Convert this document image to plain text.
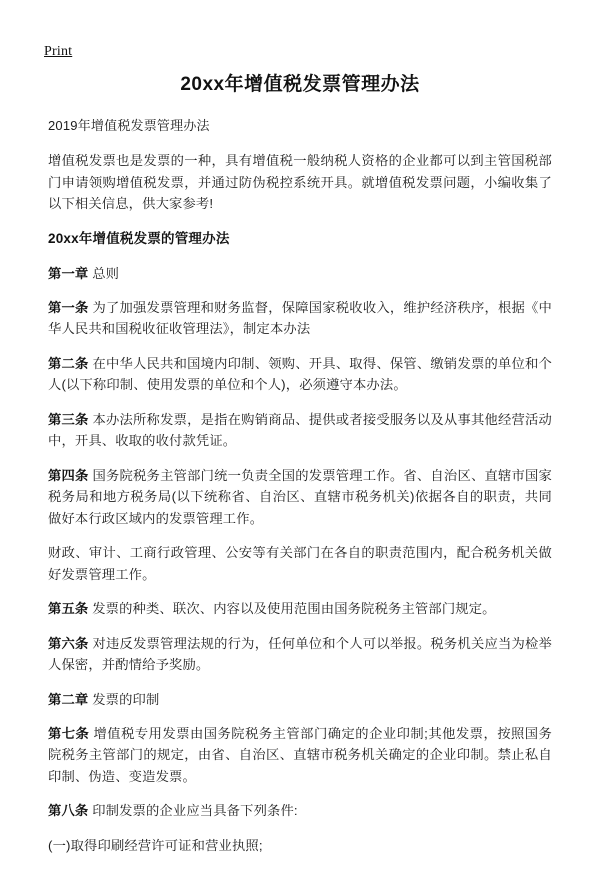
Print
20xx年增值税发票管理办法

2019年增值税发票管理办法

增值税发票也是发票的一种，具有增值税一般纳税人资格的企业都可以到主管国税部门申请领购增值税发票，并通过防伪税控系统开具。就增值税发票问题，小编收集了以下相关信息，供大家参考!

20xx年增值税发票的管理办法

第一章 总则

第一条 为了加强发票管理和财务监督，保障国家税收收入，维护经济秩序，根据《中华人民共和国税收征收管理法》，制定本办法

第二条 在中华人民共和国境内印制、领购、开具、取得、保管、缴销发票的单位和个人(以下称印制、使用发票的单位和个人)，必须遵守本办法。

第三条 本办法所称发票，是指在购销商品、提供或者接受服务以及从事其他经营活动中，开具、收取的收付款凭证。

第四条 国务院税务主管部门统一负责全国的发票管理工作。省、自治区、直辖市国家税务局和地方税务局(以下统称省、自治区、直辖市税务机关)依据各自的职责，共同做好本行政区域内的发票管理工作。

财政、审计、工商行政管理、公安等有关部门在各自的职责范围内，配合税务机关做好发票管理工作。

第五条 发票的种类、联次、内容以及使用范围由国务院税务主管部门规定。

第六条 对违反发票管理法规的行为，任何单位和个人可以举报。税务机关应当为检举人保密，并酌情给予奖励。

第二章 发票的印制

第七条 增值税专用发票由国务院税务主管部门确定的企业印制;其他发票，按照国务院税务主管部门的规定，由省、自治区、直辖市税务机关确定的企业印制。禁止私自印制、伪造、变造发票。

第八条 印制发票的企业应当具备下列条件:

(一)取得印刷经营许可证和营业执照;
